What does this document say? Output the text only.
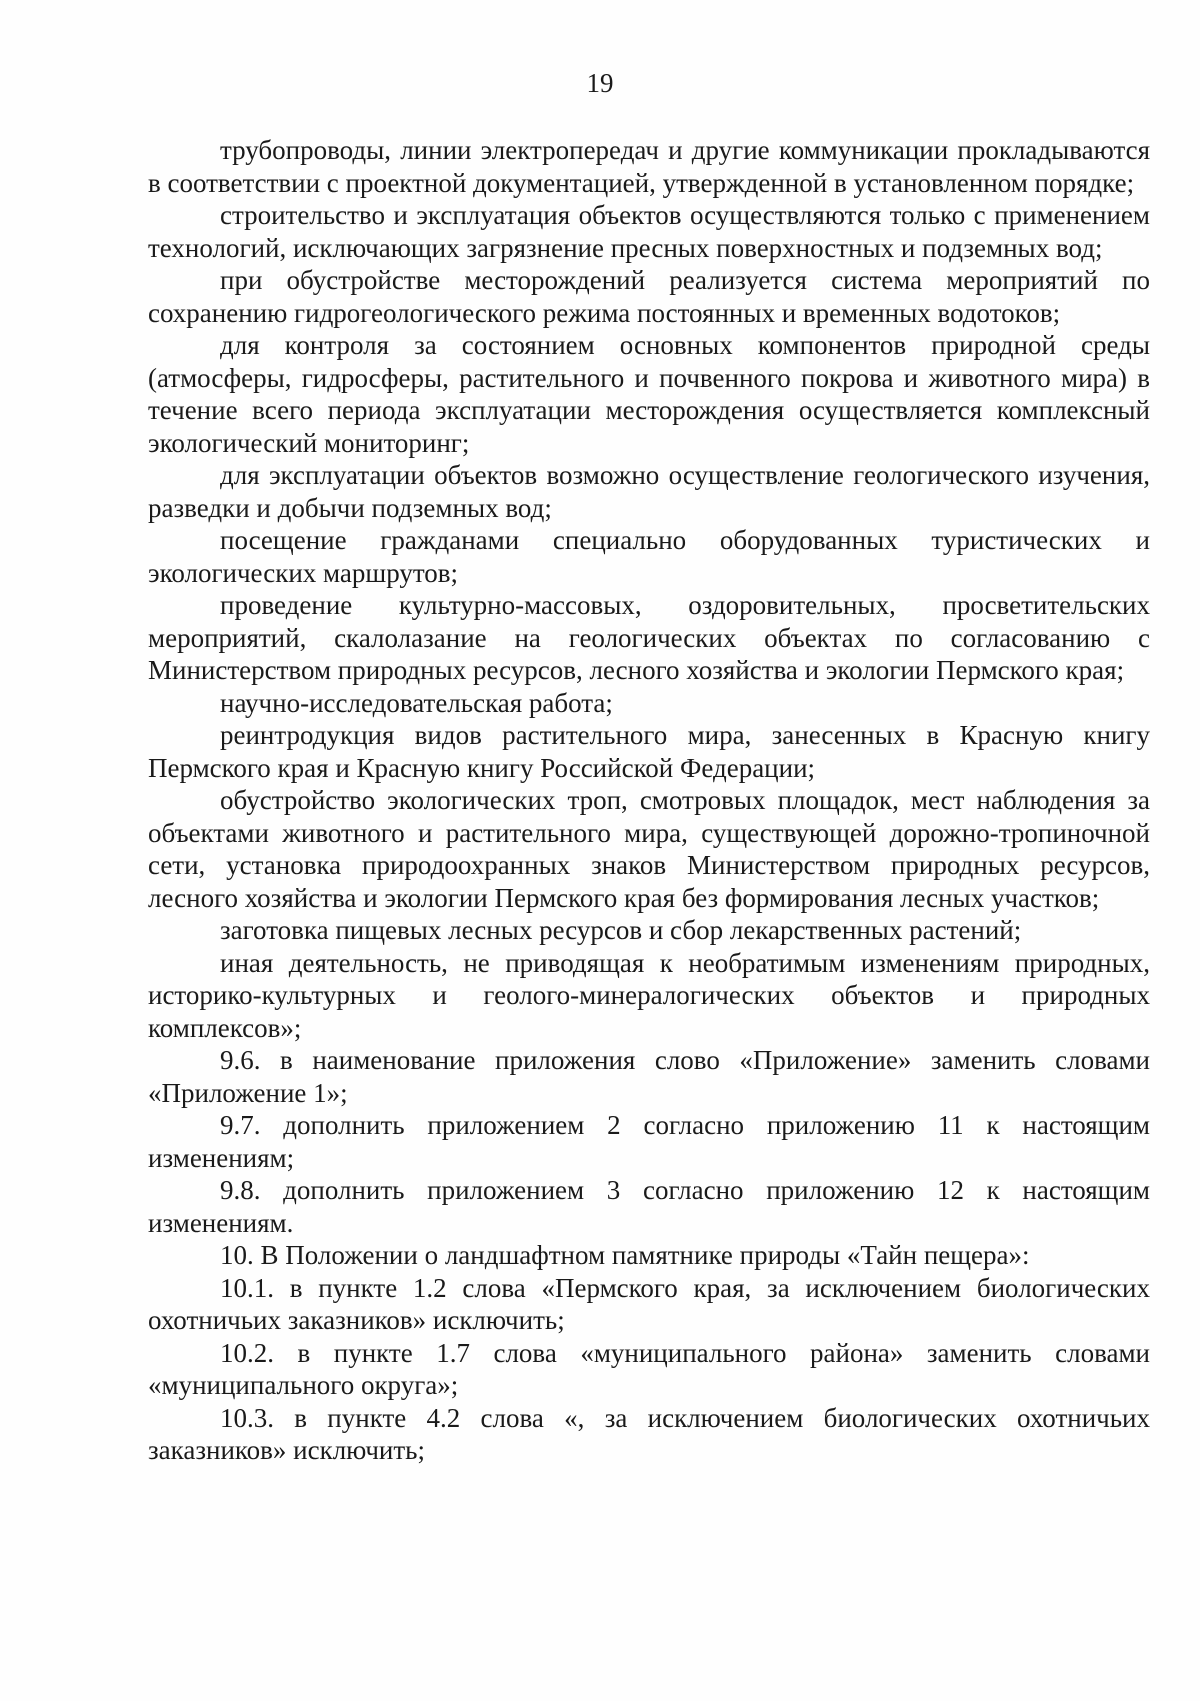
19

трубопроводы, линии электропередач и другие коммуникации прокладываются в соответствии с проектной документацией, утвержденной в установленном порядке;

строительство и эксплуатация объектов осуществляются только с применением технологий, исключающих загрязнение пресных поверхностных и подземных вод;

при обустройстве месторождений реализуется система мероприятий по сохранению гидрогеологического режима постоянных и временных водотоков;

для контроля за состоянием основных компонентов природной среды (атмосферы, гидросферы, растительного и почвенного покрова и животного мира) в течение всего периода эксплуатации месторождения осуществляется комплексный экологический мониторинг;

для эксплуатации объектов возможно осуществление геологического изучения, разведки и добычи подземных вод;

посещение гражданами специально оборудованных туристических и экологических маршрутов;

проведение культурно-массовых, оздоровительных, просветительских мероприятий, скалолазание на геологических объектах по согласованию с Министерством природных ресурсов, лесного хозяйства и экологии Пермского края;

научно-исследовательская работа;

реинтродукция видов растительного мира, занесенных в Красную книгу Пермского края и Красную книгу Российской Федерации;

обустройство экологических троп, смотровых площадок, мест наблюдения за объектами животного и растительного мира, существующей дорожно-тропиночной сети, установка природоохранных знаков Министерством природных ресурсов, лесного хозяйства и экологии Пермского края без формирования лесных участков;

заготовка пищевых лесных ресурсов и сбор лекарственных растений;

иная деятельность, не приводящая к необратимым изменениям природных, историко-культурных и геолого-минералогических объектов и природных комплексов»;

9.6. в наименование приложения слово «Приложение» заменить словами «Приложение 1»;

9.7. дополнить приложением 2 согласно приложению 11 к настоящим изменениям;

9.8. дополнить приложением 3 согласно приложению 12 к настоящим изменениям.

10. В Положении о ландшафтном памятнике природы «Тайн пещера»:

10.1. в пункте 1.2 слова «Пермского края, за исключением биологических охотничьих заказников» исключить;

10.2. в пункте 1.7 слова «муниципального района» заменить словами «муниципального округа»;

10.3. в пункте 4.2 слова «, за исключением биологических охотничьих заказников» исключить;
